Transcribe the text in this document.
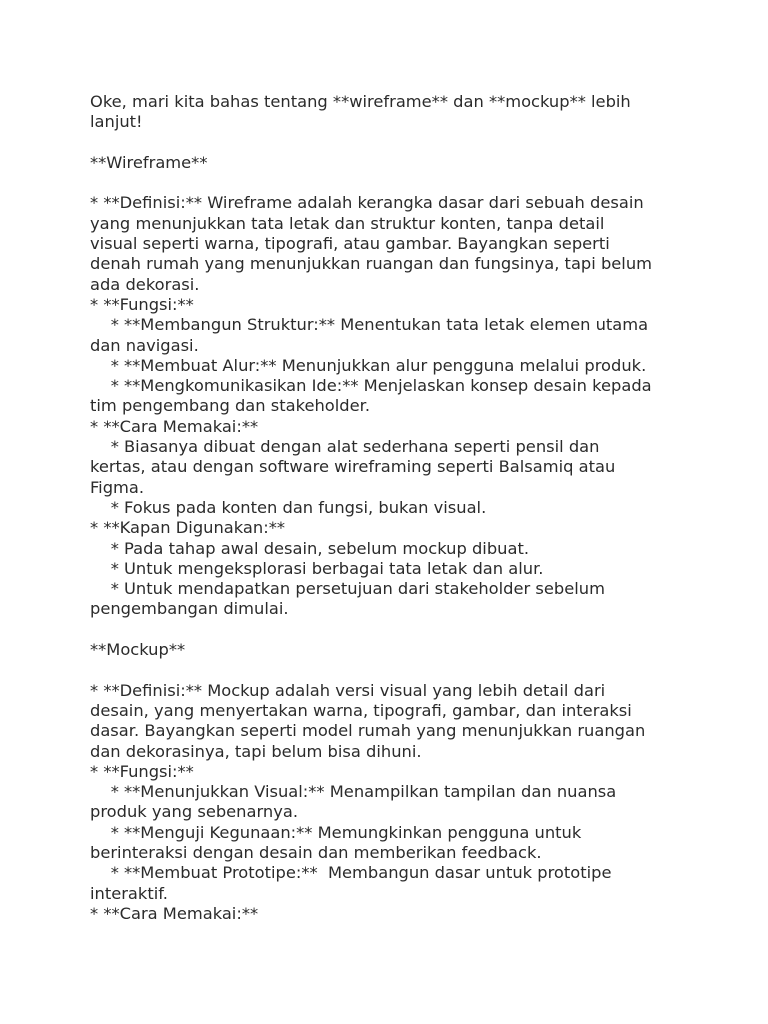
Oke, mari kita bahas tentang **wireframe** dan **mockup** lebih
lanjut!
**Wireframe**
* **Definisi:** Wireframe adalah kerangka dasar dari sebuah desain
yang menunjukkan tata letak dan struktur konten, tanpa detail
visual seperti warna, tipografi, atau gambar. Bayangkan seperti
denah rumah yang menunjukkan ruangan dan fungsinya, tapi belum
ada dekorasi.
* **Fungsi:**
* **Membangun Struktur:** Menentukan tata letak elemen utama
dan navigasi.
* **Membuat Alur:** Menunjukkan alur pengguna melalui produk.
* **Mengkomunikasikan Ide:** Menjelaskan konsep desain kepada
tim pengembang dan stakeholder.
* **Cara Memakai:**
* Biasanya dibuat dengan alat sederhana seperti pensil dan
kertas, atau dengan software wireframing seperti Balsamiq atau
Figma.
* Fokus pada konten dan fungsi, bukan visual.
* **Kapan Digunakan:**
* Pada tahap awal desain, sebelum mockup dibuat.
* Untuk mengeksplorasi berbagai tata letak dan alur.
* Untuk mendapatkan persetujuan dari stakeholder sebelum
pengembangan dimulai.
**Mockup**
* **Definisi:** Mockup adalah versi visual yang lebih detail dari
desain, yang menyertakan warna, tipografi, gambar, dan interaksi
dasar. Bayangkan seperti model rumah yang menunjukkan ruangan
dan dekorasinya, tapi belum bisa dihuni.
* **Fungsi:**
* **Menunjukkan Visual:** Menampilkan tampilan dan nuansa
produk yang sebenarnya.
* **Menguji Kegunaan:** Memungkinkan pengguna untuk
berinteraksi dengan desain dan memberikan feedback.
* **Membuat Prototipe:**  Membangun dasar untuk prototipe
interaktif.
* **Cara Memakai:**
